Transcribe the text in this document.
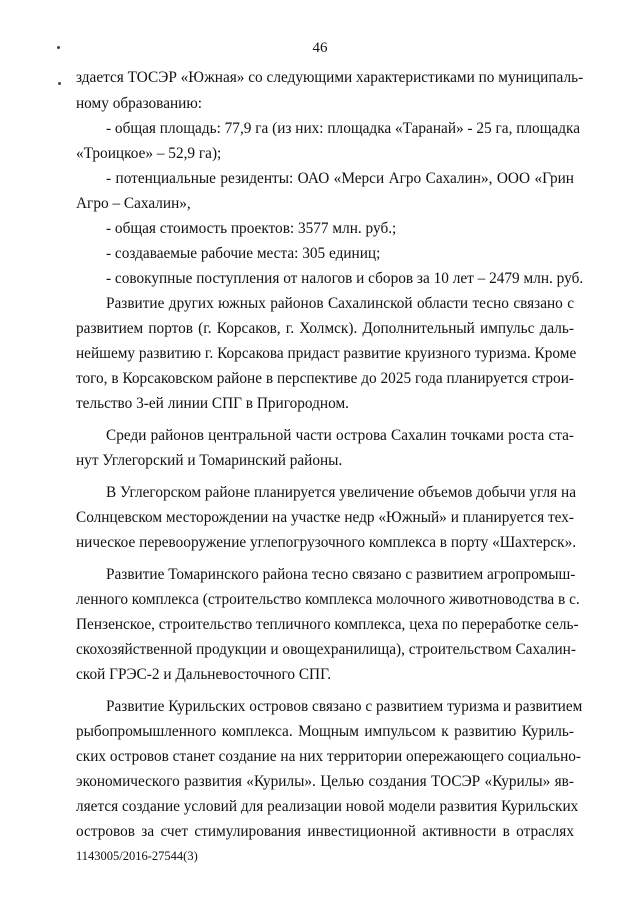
46
здается ТОСЭР «Южная» со следующими характеристиками по муниципаль-
ному образованию:
- общая площадь: 77,9 га (из них: площадка «Таранай» - 25 га, площадка
«Троицкое» – 52,9 га);
- потенциальные резиденты: ОАО «Мерси Агро Сахалин», ООО «Грин
Агро – Сахалин»,
- общая стоимость проектов: 3577 млн. руб.;
- создаваемые рабочие места: 305 единиц;
- совокупные поступления от налогов и сборов за 10 лет – 2479 млн. руб.
Развитие других южных районов Сахалинской области тесно связано с
развитием портов (г. Корсаков, г. Холмск). Дополнительный импульс даль-
нейшему развитию г. Корсакова придаст развитие круизного туризма. Кроме
того, в Корсаковском районе в перспективе до 2025 года планируется строи-
тельство 3-ей линии СПГ в Пригородном.
Среди районов центральной части острова Сахалин точками роста ста-
нут Углегорский и Томаринский районы.
В Углегорском районе планируется увеличение объемов добычи угля на
Солнцевском месторождении на участке недр «Южный» и планируется тех-
ническое перевооружение углепогрузочного комплекса в порту «Шахтерск».
Развитие Томаринского района тесно связано с развитием агропромыш-
ленного комплекса (строительство комплекса молочного животноводства в с.
Пензенское, строительство тепличного комплекса, цеха по переработке сель-
скохозяйственной продукции и овощехранилища), строительством Сахалин-
ской ГРЭС-2 и Дальневосточного СПГ.
Развитие Курильских островов связано с развитием туризма и развитием
рыбопромышленного комплекса. Мощным импульсом к развитию Куриль-
ских островов станет создание на них территории опережающего социально-
экономического развития «Курилы». Целью создания ТОСЭР «Курилы» яв-
ляется создание условий для реализации новой модели развития Курильских
островов за счет стимулирования инвестиционной активности в отраслях
1143005/2016-27544(3)
